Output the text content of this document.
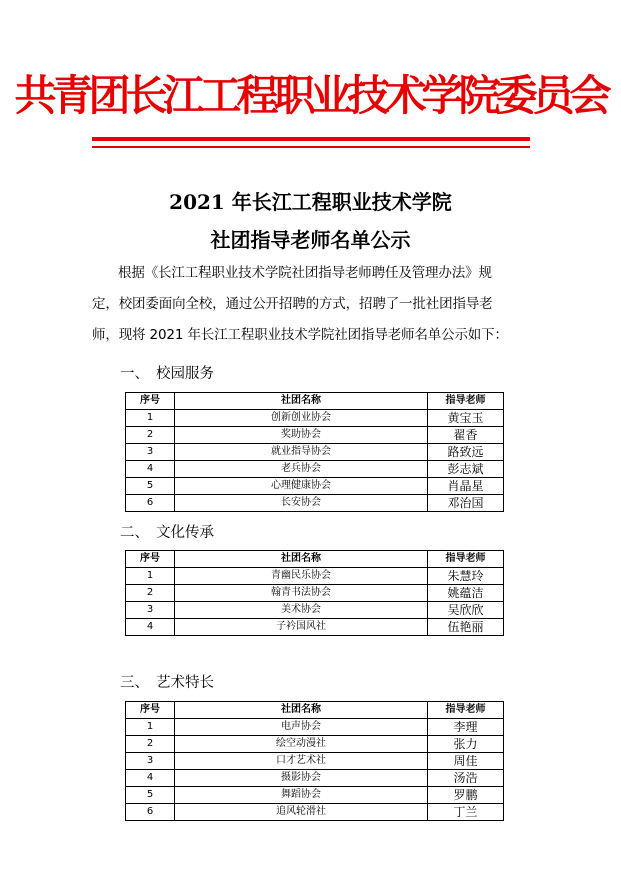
共青团长江工程职业技术学院委员会
2021 年长江工程职业技术学院
社团指导老师名单公示
根据《长江工程职业技术学院社团指导老师聘任及管理办法》规
定，校团委面向全校，通过公开招聘的方式，招聘了一批社团指导老
师，现将 2021 年长江工程职业技术学院社团指导老师名单公示如下：
一、 校园服务
序号	社团名称	指导老师
1	创新创业协会	黄宝玉
2	奖助协会	翟香
3	就业指导协会	路致远
4	老兵协会	彭志斌
5	心理健康协会	肖晶星
6	长安协会	邓治国
二、 文化传承
序号	社团名称	指导老师
1	青幽民乐协会	朱慧玲
2	翰青书法协会	姚蕴洁
3	美术协会	吴欣欣
4	子衿国风社	伍艳丽
三、 艺术特长
序号	社团名称	指导老师
1	电声协会	李理
2	绘空动漫社	张力
3	口才艺术社	周佳
4	摄影协会	汤浩
5	舞蹈协会	罗鹏
6	追风轮滑社	丁兰
